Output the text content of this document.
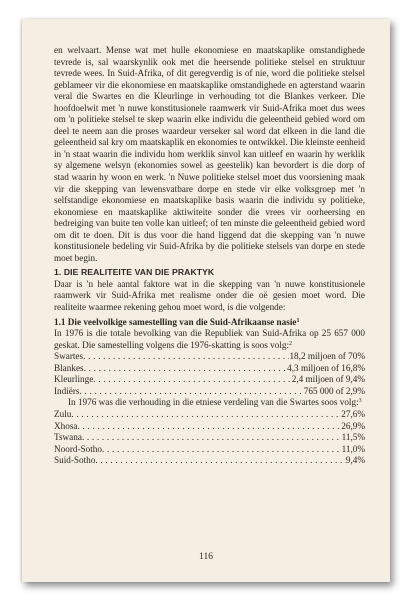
en welvaart. Mense wat met hulle ekonomiese en maatskaplike omstandighede tevrede is, sal waarskynlik ook met die heersende politieke stelsel en struktuur tevrede wees. In Suid-Afrika, of dit geregverdig is of nie, word die politieke stelsel geblameer vir die ekonomiese en maatskaplike omstandighede en agterstand waarin veral die Swartes en die Kleurlinge in verhouding tot die Blankes verkeer. Die hoofdoelwit met 'n nuwe konstitusionele raamwerk vir Suid-Afrika moet dus wees om 'n politieke stelsel te skep waarin elke individu die geleentheid gebied word om deel te neem aan die proses waardeur verseker sal word dat elkeen in die land die geleentheid sal kry om maatskaplik en ekonomies te ontwikkel. Die kleinste eenheid in 'n staat waarin die individu hom werklik sinvol kan uitleef en waarin hy werklik sy algemene welsyn (ekonomies sowel as geestelik) kan bevordert is die dorp of stad waarin hy woon en werk. 'n Nuwe politieke stelsel moet dus voorsiening maak vir die skepping van lewensvatbare dorpe en stede vir elke volksgroep met 'n selfstandige ekonomiese en maatskaplike basis waarin die individu sy politieke, ekonomiese en maatskaplike aktiwiteite sonder die vrees vir oorheersing en bedreiging van buite ten volle kan uitleef; of ten minste die geleentheid gebied word om dit te doen. Dit is dus voor die hand liggend dat die skepping van 'n nuwe konstitusionele bedeling vir Suid-Afrika by die politieke stelsels van dorpe en stede moet begin.

1. DIE REALITEITE VAN DIE PRAKTYK

Daar is 'n hele aantal faktore wat in die skepping van 'n nuwe konstitusionele raamwerk vir Suid-Afrika met realisme onder die oë gesien moet word. Die realiteite waarmee rekening gehou moet word, is die volgende:

1.1 Die veelvolkige samestelling van die Suid-Afrikaanse nasie$^1$

In 1976 is die totale bevolking van die Republiek van Suid-Afrika op 25 657 000 geskat. Die samestelling volgens die 1976-skatting is soos volg:$^2$

Swartes . . .	18,2 miljoen of 70%
Blankes . . .	4,3 miljoen of 16,8%
Kleurlinge . . .	2,4 miljoen of 9,4%
Indiërs . . .	765 000 of 2,9%

In 1976 was die verhouding in die etniese verdeling van die Swartes soos volg:$^3$

Zulu . . .	27,6%
Xhosa . . .	26,9%
Tswana . . .	11,5%
Noord-Sotho . . .	11,0%
Suid-Sotho . . .	9,4%
116
